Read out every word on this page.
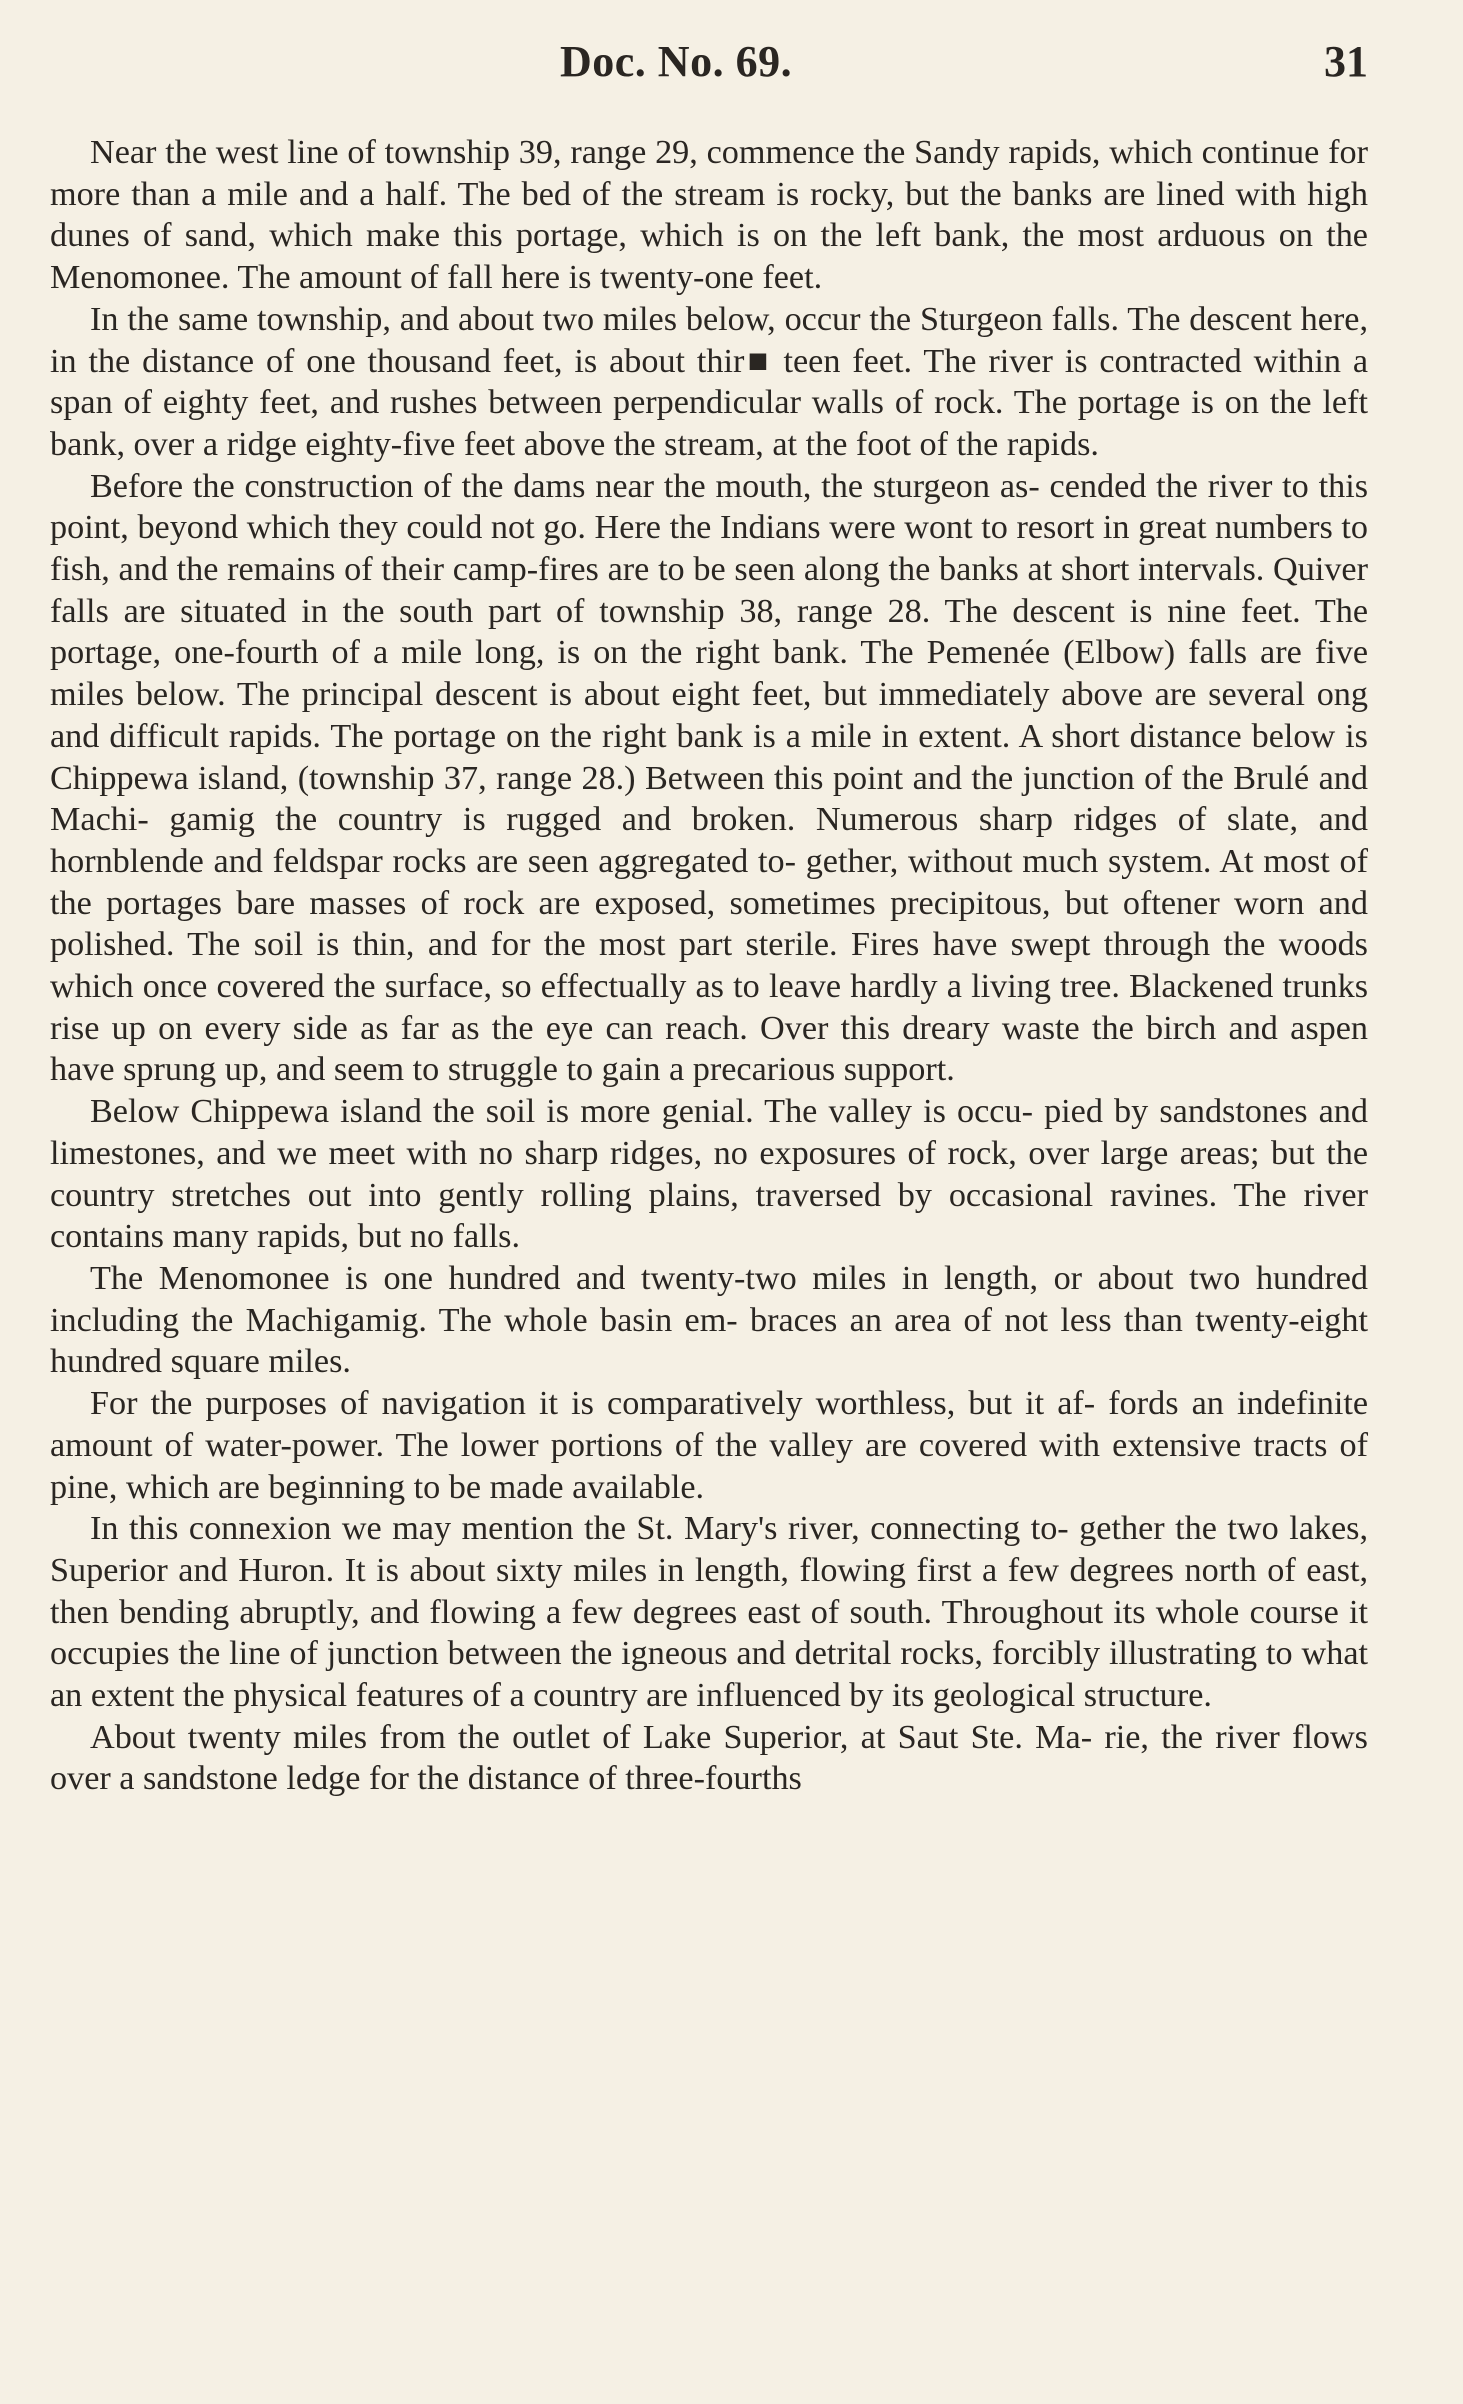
Doc. No. 69.	31

Near the west line of township 39, range 29, commence the Sandy rapids, which continue for more than a mile and a half. The bed of the stream is rocky, but the banks are lined with high dunes of sand, which make this portage, which is on the left bank, the most arduous on the Menomonee. The amount of fall here is twenty-one feet.

In the same township, and about two miles below, occur the Sturgeon falls. The descent here, in the distance of one thousand feet, is about thir■ teen feet. The river is contracted within a span of eighty feet, and rushes between perpendicular walls of rock. The portage is on the left bank, over a ridge eighty-five feet above the stream, at the foot of the rapids.

Before the construction of the dams near the mouth, the sturgeon as- cended the river to this point, beyond which they could not go. Here the Indians were wont to resort in great numbers to fish, and the remains of their camp-fires are to be seen along the banks at short intervals. Quiver falls are situated in the south part of township 38, range 28. The descent is nine feet. The portage, one-fourth of a mile long, is on the right bank. The Pemenée (Elbow) falls are five miles below. The principal descent is about eight feet, but immediately above are several ong and difficult rapids. The portage on the right bank is a mile in extent. A short distance below is Chippewa island, (township 37, range 28.) Between this point and the junction of the Brulé and Machi- gamig the country is rugged and broken. Numerous sharp ridges of slate, and hornblende and feldspar rocks are seen aggregated to- gether, without much system. At most of the portages bare masses of rock are exposed, sometimes precipitous, but oftener worn and polished. The soil is thin, and for the most part sterile. Fires have swept through the woods which once covered the surface, so effectually as to leave hardly a living tree. Blackened trunks rise up on every side as far as the eye can reach. Over this dreary waste the birch and aspen have sprung up, and seem to struggle to gain a precarious support.

Below Chippewa island the soil is more genial. The valley is occu- pied by sandstones and limestones, and we meet with no sharp ridges, no exposures of rock, over large areas; but the country stretches out into gently rolling plains, traversed by occasional ravines. The river contains many rapids, but no falls.

The Menomonee is one hundred and twenty-two miles in length, or about two hundred including the Machigamig. The whole basin em- braces an area of not less than twenty-eight hundred square miles.

For the purposes of navigation it is comparatively worthless, but it af- fords an indefinite amount of water-power. The lower portions of the valley are covered with extensive tracts of pine, which are beginning to be made available.

In this connexion we may mention the St. Mary's river, connecting to- gether the two lakes, Superior and Huron. It is about sixty miles in length, flowing first a few degrees north of east, then bending abruptly, and flowing a few degrees east of south. Throughout its whole course it occupies the line of junction between the igneous and detrital rocks, forcibly illustrating to what an extent the physical features of a country are influenced by its geological structure.

About twenty miles from the outlet of Lake Superior, at Saut Ste. Ma- rie, the river flows over a sandstone ledge for the distance of three-fourths
